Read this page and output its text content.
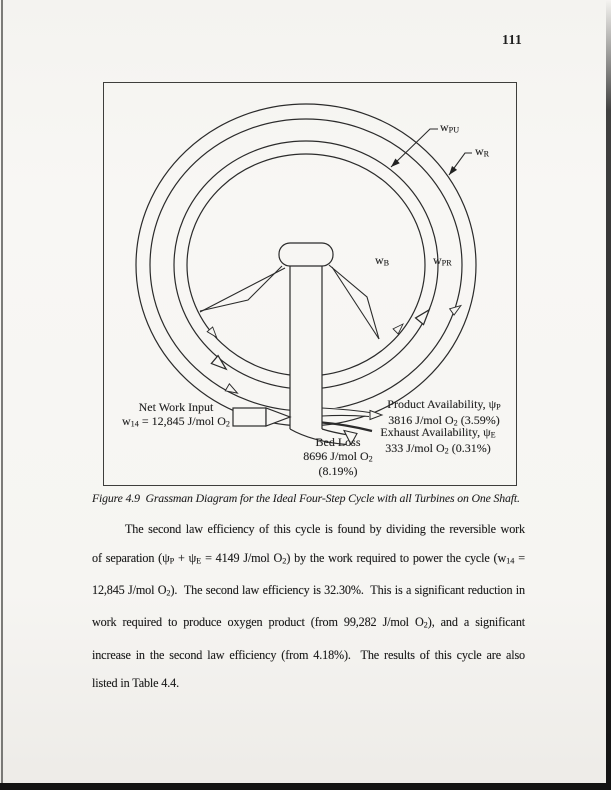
111
$w_{PU}$
$w_R$
$w_B$	$w_{PR}$
Net Work Input
$w_{14} = 12,845$ J/mol $O_2$
Bed Loss
8696 J/mol $O_2$
(8.19%)
Product Availability, $\psi_P$
3816 J/mol $O_2$ (3.59%)
Exhaust Availability, $\psi_E$
333 J/mol $O_2$ (0.31%)
Figure 4.9  Grassman Diagram for the Ideal Four-Step Cycle with all Turbines on One Shaft.
The second law efficiency of this cycle is found by dividing the reversible work
of separation ($\psi_P + \psi_E = 4149$ J/mol $O_2$) by the work required to power the cycle ($w_{14}$ =
12,845 J/mol $O_2$).  The second law efficiency is 32.30%.  This is a significant reduction in
work required to produce oxygen product (from 99,282 J/mol $O_2$), and a significant
increase in the second law efficiency (from 4.18%).  The results of this cycle are also
listed in Table 4.4.
